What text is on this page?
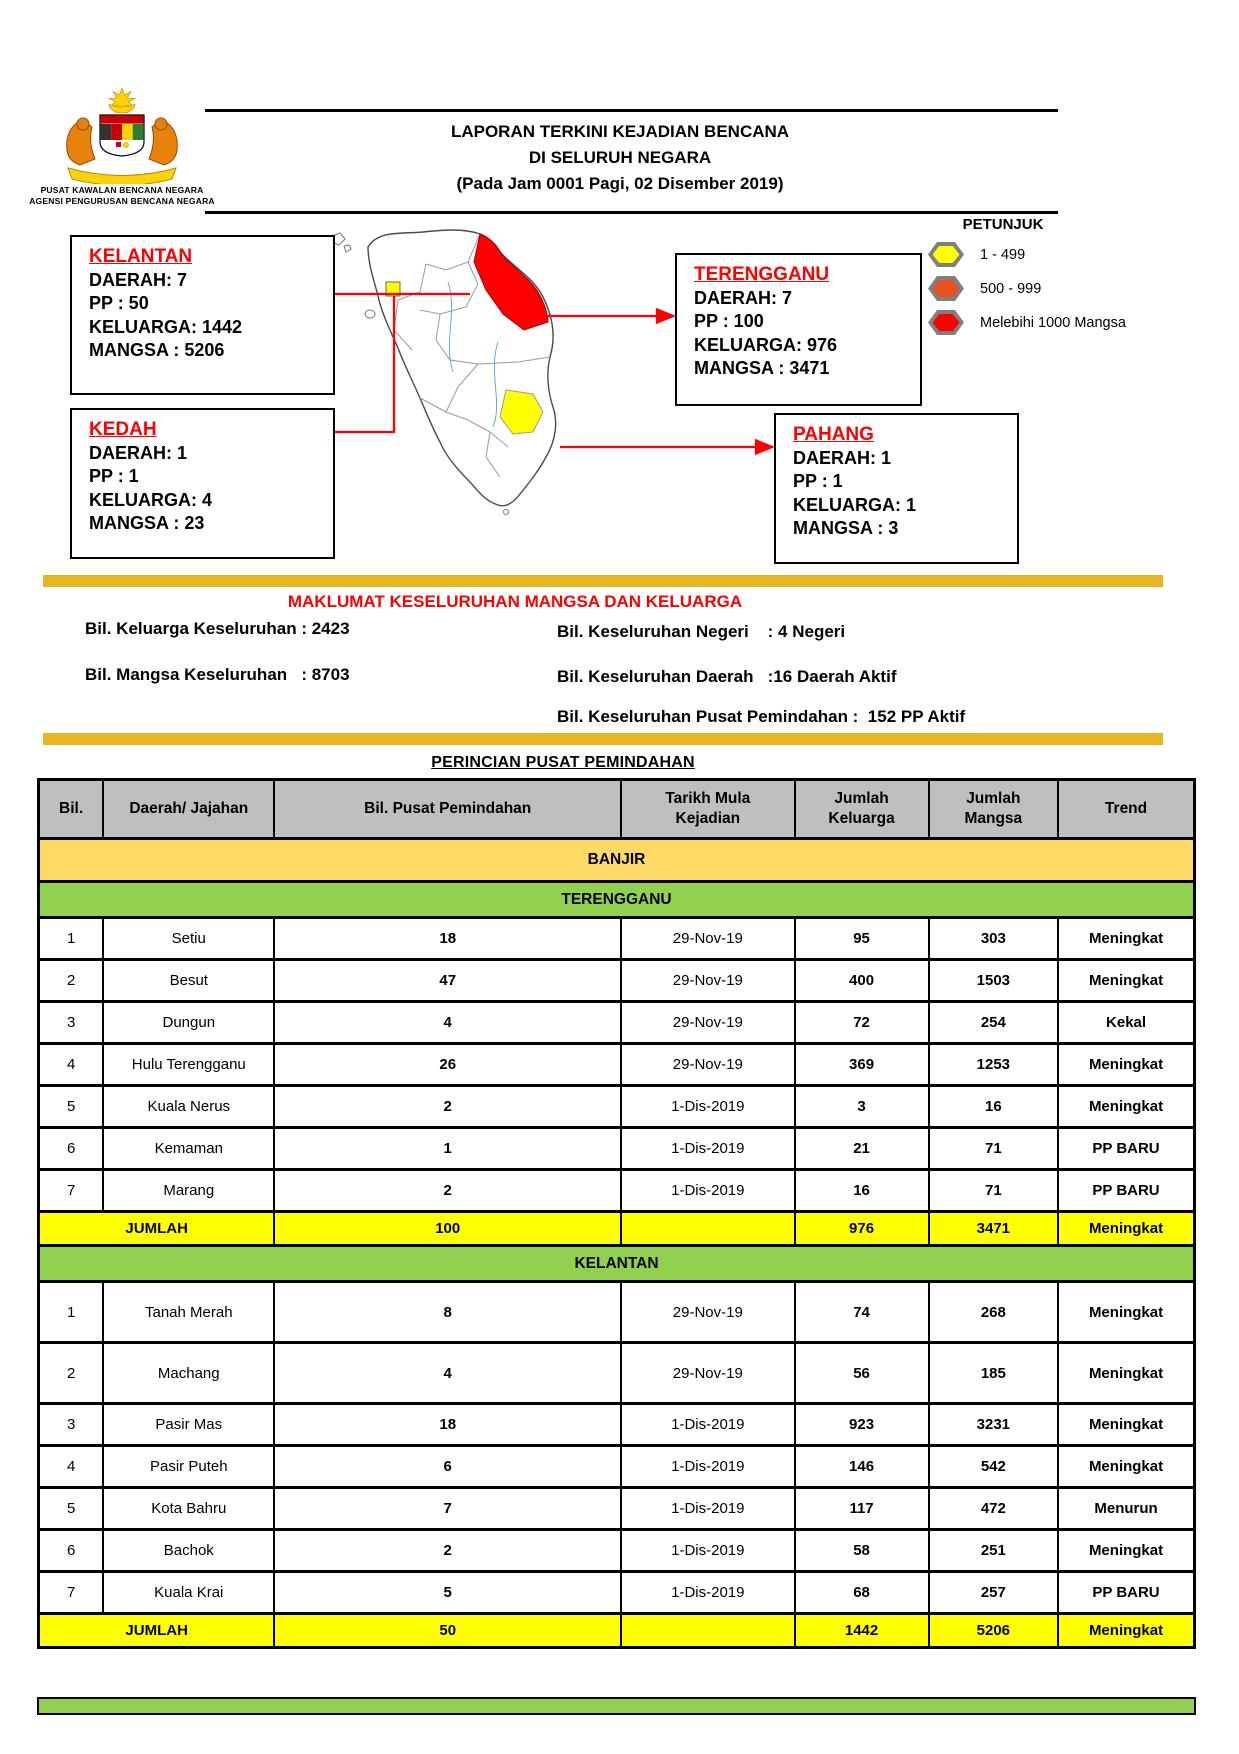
PUSAT KAWALAN BENCANA NEGARA
AGENSI PENGURUSAN BENCANA NEGARA
LAPORAN TERKINI KEJADIAN BENCANA
DI SELURUH NEGARA
(Pada Jam 0001 Pagi, 02 Disember 2019)
PETUNJUK
1 - 499
500 - 999
Melebihi 1000 Mangsa
KELANTAN
DAERAH: 7
PP : 50
KELUARGA: 1442
MANGSA : 5206
TERENGGANU
DAERAH: 7
PP : 100
KELUARGA: 976
MANGSA : 3471
KEDAH
DAERAH: 1
PP : 1
KELUARGA: 4
MANGSA : 23
PAHANG
DAERAH: 1
PP : 1
KELUARGA: 1
MANGSA : 3
MAKLUMAT KESELURUHAN MANGSA DAN KELUARGA
Bil. Keluarga Keseluruhan : 2423
Bil. Mangsa Keseluruhan   : 8703
Bil. Keseluruhan Negeri    : 4 Negeri
Bil. Keseluruhan Daerah   :16 Daerah Aktif
Bil. Keseluruhan Pusat Pemindahan :  152 PP Aktif
PERINCIAN PUSAT PEMINDAHAN
Bil.	Daerah/ Jajahan	Bil. Pusat Pemindahan	Tarikh Mula Kejadian	Jumlah Keluarga	Jumlah Mangsa	Trend
BANJIR						
TERENGGANU						
1	Setiu	18	29-Nov-19	95	303	Meningkat
2	Besut	47	29-Nov-19	400	1503	Meningkat
3	Dungun	4	29-Nov-19	72	254	Kekal
4	Hulu Terengganu	26	29-Nov-19	369	1253	Meningkat
5	Kuala Nerus	2	1-Dis-2019	3	16	Meningkat
6	Kemaman	1	1-Dis-2019	21	71	PP BARU
7	Marang	2	1-Dis-2019	16	71	PP BARU
JUMLAH		100		976	3471	Meningkat
KELANTAN						
1	Tanah Merah	8	29-Nov-19	74	268	Meningkat
2	Machang	4	29-Nov-19	56	185	Meningkat
3	Pasir Mas	18	1-Dis-2019	923	3231	Meningkat
4	Pasir Puteh	6	1-Dis-2019	146	542	Meningkat
5	Kota Bahru	7	1-Dis-2019	117	472	Menurun
6	Bachok	2	1-Dis-2019	58	251	Meningkat
7	Kuala Krai	5	1-Dis-2019	68	257	PP BARU
JUMLAH		50		1442	5206	Meningkat
